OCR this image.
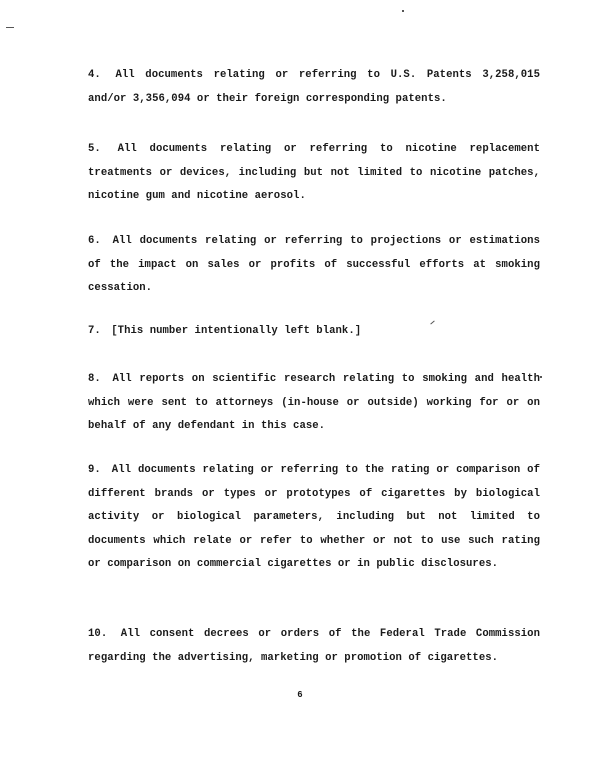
4. All documents relating or referring to U.S. Patents 3,258,015 and/or 3,356,094 or their foreign corresponding patents.
5. All documents relating or referring to nicotine replacement treatments or devices, including but not limited to nicotine patches, nicotine gum and nicotine aerosol.
6. All documents relating or referring to projections or estimations of the impact on sales or profits of successful efforts at smoking cessation.
7. [This number intentionally left blank.]
8. All reports on scientific research relating to smoking and health which were sent to attorneys (in-house or outside) working for or on behalf of any defendant in this case.
9. All documents relating or referring to the rating or comparison of different brands or types or prototypes of cigarettes by biological activity or biological parameters, including but not limited to documents which relate or refer to whether or not to use such rating or comparison on commercial cigarettes or in public disclosures.
10. All consent decrees or orders of the Federal Trade Commission regarding the advertising, marketing or promotion of cigarettes.
6
